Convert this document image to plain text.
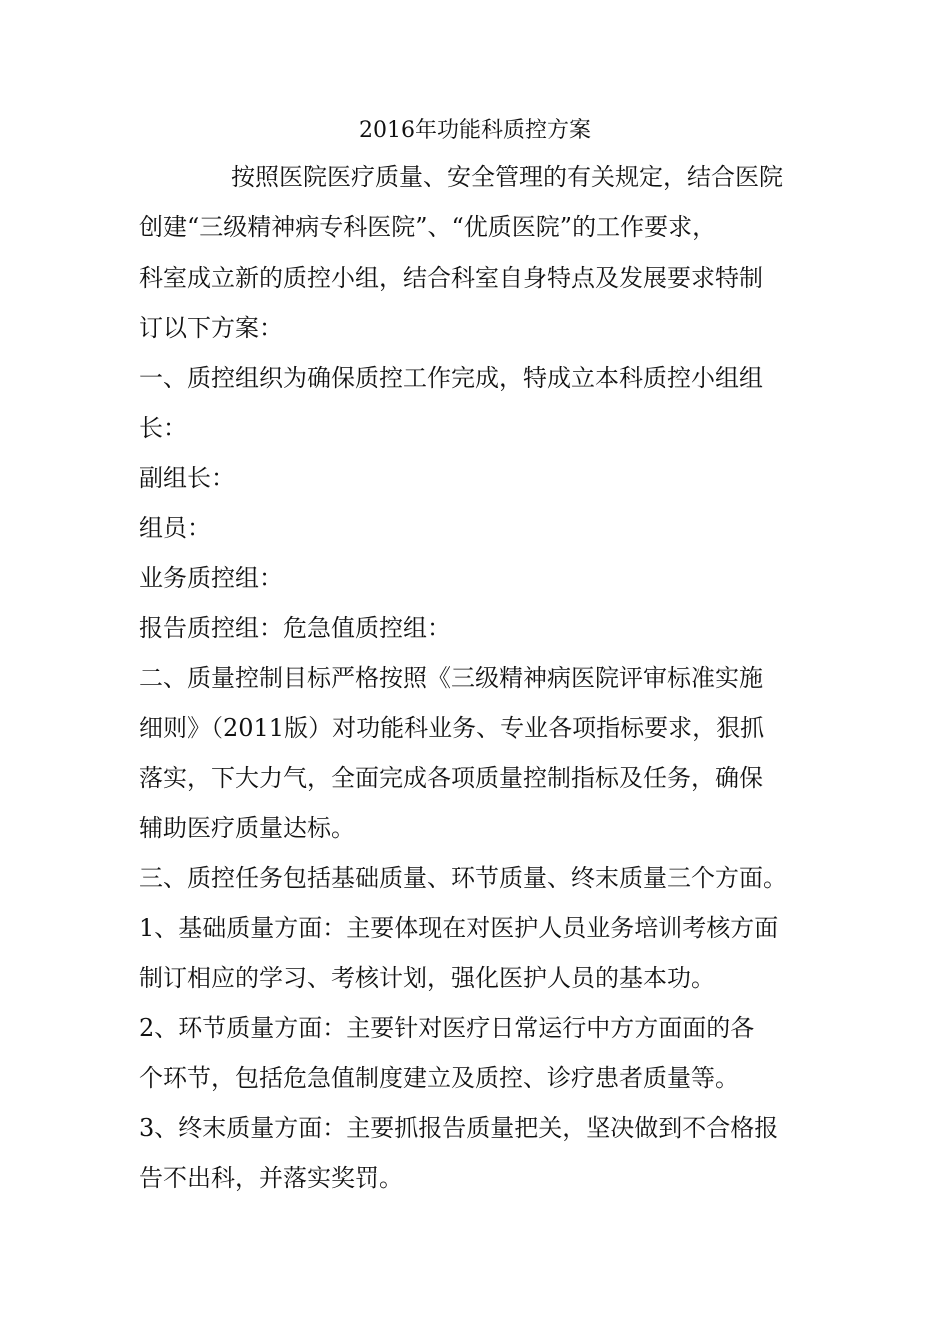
2016年功能科质控方案
按照医院医疗质量、安全管理的有关规定，结合医院
创建“三级精神病专科医院”、“优质医院”的工作要求，
科室成立新的质控小组，结合科室自身特点及发展要求特制
订以下方案：
一、质控组织为确保质控工作完成，特成立本科质控小组组
长：
副组长：
组员：
业务质控组：
报告质控组：危急值质控组：
二、质量控制目标严格按照《三级精神病医院评审标准实施
细则》（2011版）对功能科业务、专业各项指标要求，狠抓
落实，下大力气，全面完成各项质量控制指标及任务，确保
辅助医疗质量达标。
三、质控任务包括基础质量、环节质量、终末质量三个方面。
1、基础质量方面：主要体现在对医护人员业务培训考核方面
制订相应的学习、考核计划，强化医护人员的基本功。
2、环节质量方面：主要针对医疗日常运行中方方面面的各
个环节，包括危急值制度建立及质控、诊疗患者质量等。
3、终末质量方面：主要抓报告质量把关，坚决做到不合格报
告不出科，并落实奖罚。
